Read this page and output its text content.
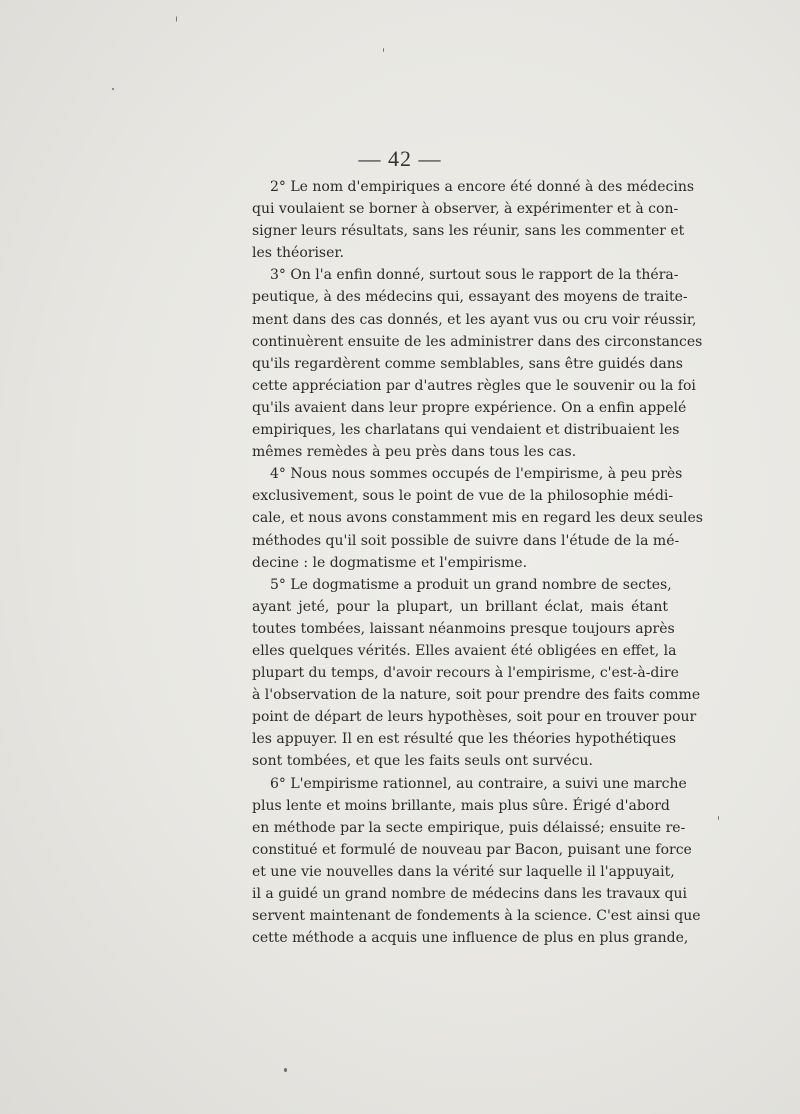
— 42 —
2° Le nom d'empiriques a encore été donné à des médecins
qui voulaient se borner à observer, à expérimenter et à con-
signer leurs résultats, sans les réunir, sans les commenter et
les théoriser.
3° On l'a enfin donné, surtout sous le rapport de la théra-
peutique, à des médecins qui, essayant des moyens de traite-
ment dans des cas donnés, et les ayant vus ou cru voir réussir,
continuèrent ensuite de les administrer dans des circonstances
qu'ils regardèrent comme semblables, sans être guidés dans
cette appréciation par d'autres règles que le souvenir ou la foi
qu'ils avaient dans leur propre expérience. On a enfin appelé
empiriques, les charlatans qui vendaient et distribuaient les
mêmes remèdes à peu près dans tous les cas.
4° Nous nous sommes occupés de l'empirisme, à peu près
exclusivement, sous le point de vue de la philosophie médi-
cale, et nous avons constamment mis en regard les deux seules
méthodes qu'il soit possible de suivre dans l'étude de la mé-
decine : le dogmatisme et l'empirisme.
5° Le dogmatisme a produit un grand nombre de sectes,
ayant jeté, pour la plupart, un brillant éclat, mais étant
toutes tombées, laissant néanmoins presque toujours après
elles quelques vérités. Elles avaient été obligées en effet, la
plupart du temps, d'avoir recours à l'empirisme, c'est-à-dire
à l'observation de la nature, soit pour prendre des faits comme
point de départ de leurs hypothèses, soit pour en trouver pour
les appuyer. Il en est résulté que les théories hypothétiques
sont tombées, et que les faits seuls ont survécu.
6° L'empirisme rationnel, au contraire, a suivi une marche
plus lente et moins brillante, mais plus sûre. Érigé d'abord
en méthode par la secte empirique, puis délaissé; ensuite re-
constitué et formulé de nouveau par Bacon, puisant une force
et une vie nouvelles dans la vérité sur laquelle il l'appuyait,
il a guidé un grand nombre de médecins dans les travaux qui
servent maintenant de fondements à la science. C'est ainsi que
cette méthode a acquis une influence de plus en plus grande,
